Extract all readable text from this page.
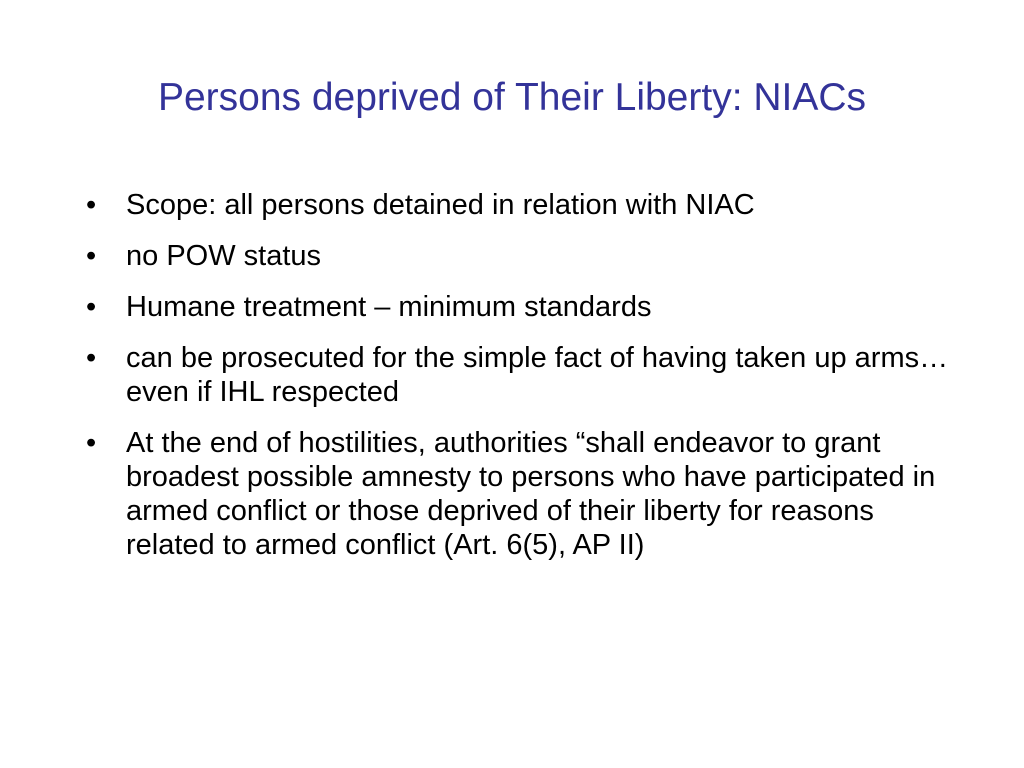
Persons deprived of Their Liberty: NIACs
•	Scope: all persons detained in relation with NIAC
•	no POW status
•	Humane treatment – minimum standards
•	can be prosecuted for the simple fact of having taken up arms…even if IHL respected
•	At the end of hostilities, authorities “shall endeavor to grant broadest possible amnesty to persons who have participated in armed conflict or those deprived of their liberty for reasons related to armed conflict (Art. 6(5), AP II)
